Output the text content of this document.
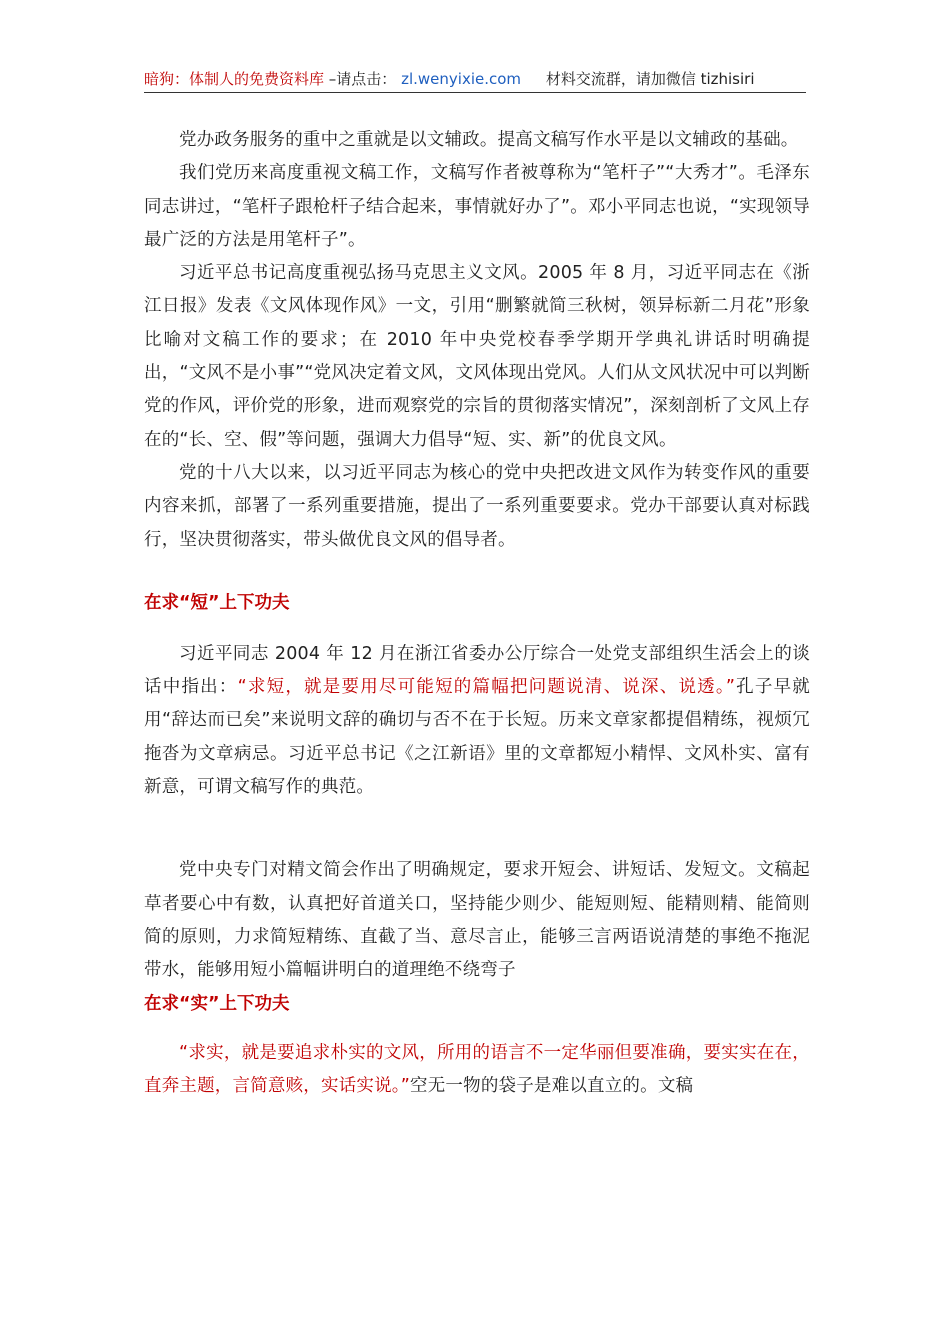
暗狗：体制人的免费资料库 –请点击： zl.wenyixie.com 材料交流群，请加微信 tizhisiri

党办政务服务的重中之重就是以文辅政。提高文稿写作水平是以文辅政的基础。

我们党历来高度重视文稿工作，文稿写作者被尊称为“笔杆子”“大秀才”。毛泽东同志讲过，“笔杆子跟枪杆子结合起来，事情就好办了”。邓小平同志也说，“实现领导最广泛的方法是用笔杆子”。

习近平总书记高度重视弘扬马克思主义文风。2005 年 8 月，习近平同志在《浙江日报》发表《文风体现作风》一文，引用“删繁就简三秋树，领异标新二月花”形象比喻对文稿工作的要求；在 2010 年中央党校春季学期开学典礼讲话时明确提出，“文风不是小事”“党风决定着文风，文风体现出党风。人们从文风状况中可以判断党的作风，评价党的形象，进而观察党的宗旨的贯彻落实情况”，深刻剖析了文风上存在的“长、空、假”等问题，强调大力倡导“短、实、新”的优良文风。

党的十八大以来，以习近平同志为核心的党中央把改进文风作为转变作风的重要内容来抓，部署了一系列重要措施，提出了一系列重要要求。党办干部要认真对标践行，坚决贯彻落实，带头做优良文风的倡导者。

在求“短”上下功夫

习近平同志 2004 年 12 月在浙江省委办公厅综合一处党支部组织生活会上的谈话中指出：“求短，就是要用尽可能短的篇幅把问题说清、说深、说透。”孔子早就用“辞达而已矣”来说明文辞的确切与否不在于长短。历来文章家都提倡精练，视烦冗拖沓为文章病忌。习近平总书记《之江新语》里的文章都短小精悍、文风朴实、富有新意，可谓文稿写作的典范。

党中央专门对精文简会作出了明确规定，要求开短会、讲短话、发短文。文稿起草者要心中有数，认真把好首道关口，坚持能少则少、能短则短、能精则精、能简则简的原则，力求简短精练、直截了当、意尽言止，能够三言两语说清楚的事绝不拖泥带水，能够用短小篇幅讲明白的道理绝不绕弯子

在求“实”上下功夫

“求实，就是要追求朴实的文风，所用的语言不一定华丽但要准确，要实实在在，直奔主题，言简意赅，实话实说。”空无一物的袋子是难以直立的。文稿
